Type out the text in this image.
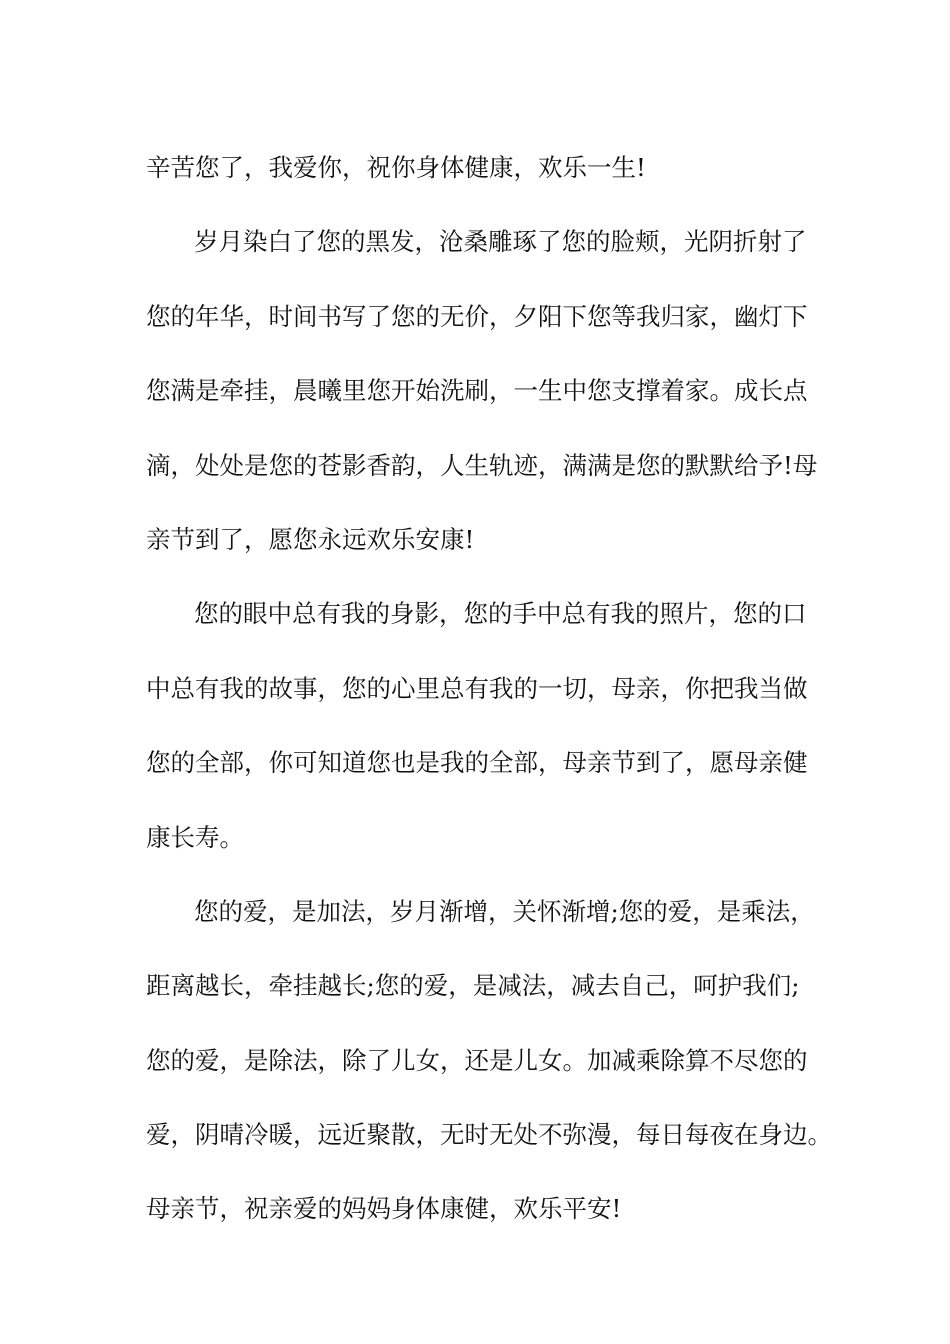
辛苦您了，我爱你，祝你身体健康，欢乐一生!
岁月染白了您的黑发，沧桑雕琢了您的脸颊，光阴折射了
您的年华，时间书写了您的无价，夕阳下您等我归家，幽灯下
您满是牵挂，晨曦里您开始洗刷，一生中您支撑着家。成长点
滴，处处是您的苍影香韵，人生轨迹，满满是您的默默给予!母
亲节到了，愿您永远欢乐安康!
您的眼中总有我的身影，您的手中总有我的照片，您的口
中总有我的故事，您的心里总有我的一切，母亲，你把我当做
您的全部，你可知道您也是我的全部，母亲节到了，愿母亲健
康长寿。
您的爱，是加法，岁月渐增，关怀渐增;您的爱，是乘法，
距离越长，牵挂越长;您的爱，是减法，减去自己，呵护我们;
您的爱，是除法，除了儿女，还是儿女。加减乘除算不尽您的
爱，阴晴冷暖，远近聚散，无时无处不弥漫，每日每夜在身边。
母亲节，祝亲爱的妈妈身体康健，欢乐平安!
